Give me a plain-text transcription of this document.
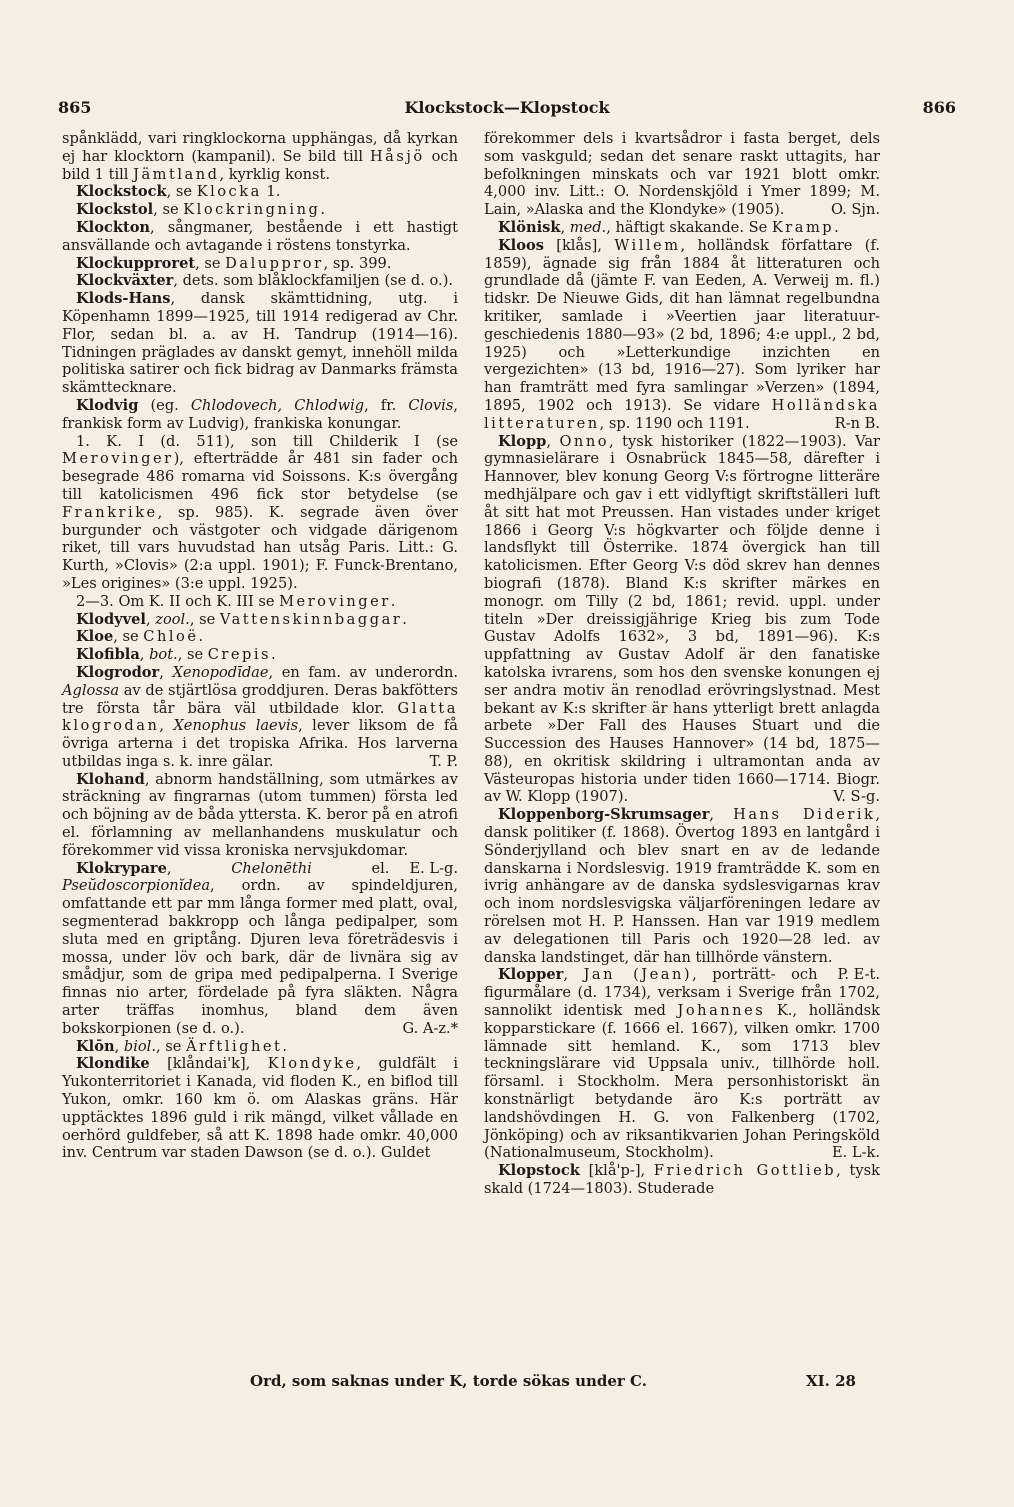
865	Klockstock—Klopstock	866

spånklädd, vari ringklockorna upphängas, då kyrkan ej har klocktorn (kampanil). Se bild till Håsjö och bild 1 till Jämtland, kyrklig konst.

Klockstock, se Klocka 1.

Klockstol, se Klockringning.

Klockton, sångmaner, bestående i ett hastigt ansvällande och avtagande i röstens tonstyrka.

Klockupproret, se Daluppror, sp. 399.

Klockväxter, dets. som blåklockfamiljen (se d. o.).

Klods-Hans, dansk skämttidning, utg. i Köpenhamn 1899—1925, till 1914 redigerad av Chr. Flor, sedan bl. a. av H. Tandrup (1914—16). Tidningen präglades av danskt gemyt, innehöll milda politiska satirer och fick bidrag av Danmarks främsta skämttecknare.

Klodvig (eg. Chlodovech, Chlodwig, fr. Clovis, frankisk form av Ludvig), frankiska konungar.

1. K. I (d. 511), son till Childerik I (se Merovinger), efterträdde år 481 sin fader och besegrade 486 romarna vid Soissons. K:s övergång till katolicismen 496 fick stor betydelse (se Frankrike, sp. 985). K. segrade även över burgunder och västgoter och vidgade därigenom riket, till vars huvudstad han utsåg Paris. Litt.: G. Kurth, »Clovis» (2:a uppl. 1901); F. Funck-Brentano, »Les origines» (3:e uppl. 1925).

2—3. Om K. II och K. III se Merovinger.

Klodyvel, zool., se Vattenskinnbaggar.

Kloe, se Chloë.

Klofibla, bot., se Crepis.

Klogrodor, Xenopodīdae, en fam. av underordn. Aglossa av de stjärtlösa groddjuren. Deras bakfötters tre första tår bära väl utbildade klor. Glatta klogrodan, Xenophus laevis, lever liksom de få övriga arterna i det tropiska Afrika. Hos larverna utbildas inga s. k. inre gälar.	T. P.

Klohand, abnorm handställning, som utmärkes av sträckning av fingrarnas (utom tummen) första led och böjning av de båda yttersta. K. beror på en atrofi el. förlamning av mellanhandens muskulatur och förekommer vid vissa kroniska nervsjukdomar.
E. L-g.

Klokrypare, Chelonēthi el. Pseŭdoscorpionĭdea, ordn. av spindeldjuren, omfattande ett par mm långa former med platt, oval, segmenterad bakkropp och långa pedipalper, som sluta med en griptång. Djuren leva företrädesvis i mossa, under löv och bark, där de livnära sig av smådjur, som de gripa med pedipalperna. I Sverige finnas nio arter, fördelade på fyra släkten. Några arter träffas inomhus, bland dem även bokskorpionen (se d. o.).	G. A-z.*

Klōn, biol., se Ärftlighet.

Klondike [klåndai'k], Klondyke, guldfält i Yukonterritoriet i Kanada, vid floden K., en biflod till Yukon, omkr. 160 km ö. om Alaskas gräns. Här upptäcktes 1896 guld i rik mängd, vilket vållade en oerhörd guldfeber, så att K. 1898 hade omkr. 40,000 inv. Centrum var staden Dawson (se d. o.). Guldet

förekommer dels i kvartsådror i fasta berget, dels som vaskguld; sedan det senare raskt uttagits, har befolkningen minskats och var 1921 blott omkr. 4,000 inv. Litt.: O. Nordenskjöld i Ymer 1899; M. Lain, »Alaska and the Klondyke» (1905).	O. Sjn.

Klönisk, med., häftigt skakande. Se Kramp.

Kloos [klås], Willem, holländsk författare (f. 1859), ägnade sig från 1884 åt litteraturen och grundlade då (jämte F. van Eeden, A. Verweij m. fl.) tidskr. De Nieuwe Gids, dit han lämnat regelbundna kritiker, samlade i »Veertien jaar literatuur-geschiedenis 1880—93» (2 bd, 1896; 4:e uppl., 2 bd, 1925) och »Letterkundige inzichten en vergezichten» (13 bd, 1916—27). Som lyriker har han framträtt med fyra samlingar »Verzen» (1894, 1895, 1902 och 1913). Se vidare Holländska litteraturen, sp. 1190 och 1191.	R-n B.

Klopp, Onno, tysk historiker (1822—1903). Var gymnasielärare i Osnabrück 1845—58, därefter i Hannover, blev konung Georg V:s förtrogne litteräre medhjälpare och gav i ett vidlyftigt skriftställeri luft åt sitt hat mot Preussen. Han vistades under kriget 1866 i Georg V:s högkvarter och följde denne i landsflykt till Österrike. 1874 övergick han till katolicismen. Efter Georg V:s död skrev han dennes biografi (1878). Bland K:s skrifter märkes en monogr. om Tilly (2 bd, 1861; revid. uppl. under titeln »Der dreissigjährige Krieg bis zum Tode Gustav Adolfs 1632», 3 bd, 1891—96). K:s uppfattning av Gustav Adolf är den fanatiske katolska ivrarens, som hos den svenske konungen ej ser andra motiv än renodlad erövringslystnad. Mest bekant av K:s skrifter är hans ytterligt brett anlagda arbete »Der Fall des Hauses Stuart und die Succession des Hauses Hannover» (14 bd, 1875—88), en okritisk skildring i ultramontan anda av Västeuropas historia under tiden 1660—1714. Biogr. av W. Klopp (1907).	V. S-g.

Kloppenborg-Skrumsager, Hans Diderik, dansk politiker (f. 1868). Övertog 1893 en lantgård i Sönderjylland och blev snart en av de ledande danskarna i Nordslesvig. 1919 framträdde K. som en ivrig anhängare av de danska sydslesvigarnas krav och inom nordslesvigska väljarföreningen ledare av rörelsen mot H. P. Hanssen. Han var 1919 medlem av delegationen till Paris och 1920—28 led. av danska landstinget, där han tillhörde vänstern.
P. E-t.

Klopper, Jan (Jean), porträtt- och figurmålare (d. 1734), verksam i Sverige från 1702, sannolikt identisk med Johannes K., holländsk kopparstickare (f. 1666 el. 1667), vilken omkr. 1700 lämnade sitt hemland. K., som 1713 blev teckningslärare vid Uppsala univ., tillhörde holl. församl. i Stockholm. Mera personhistoriskt än konstnärligt betydande äro K:s porträtt av landshövdingen H. G. von Falkenberg (1702, Jönköping) och av riksantikvarien Johan Peringsköld (Nationalmuseum, Stockholm).	E. L-k.

Klopstock [klå'p-], Friedrich Gottlieb, tysk skald (1724—1803). Studerade

Ord, som saknas under K, torde sökas under C.	XI. 28
